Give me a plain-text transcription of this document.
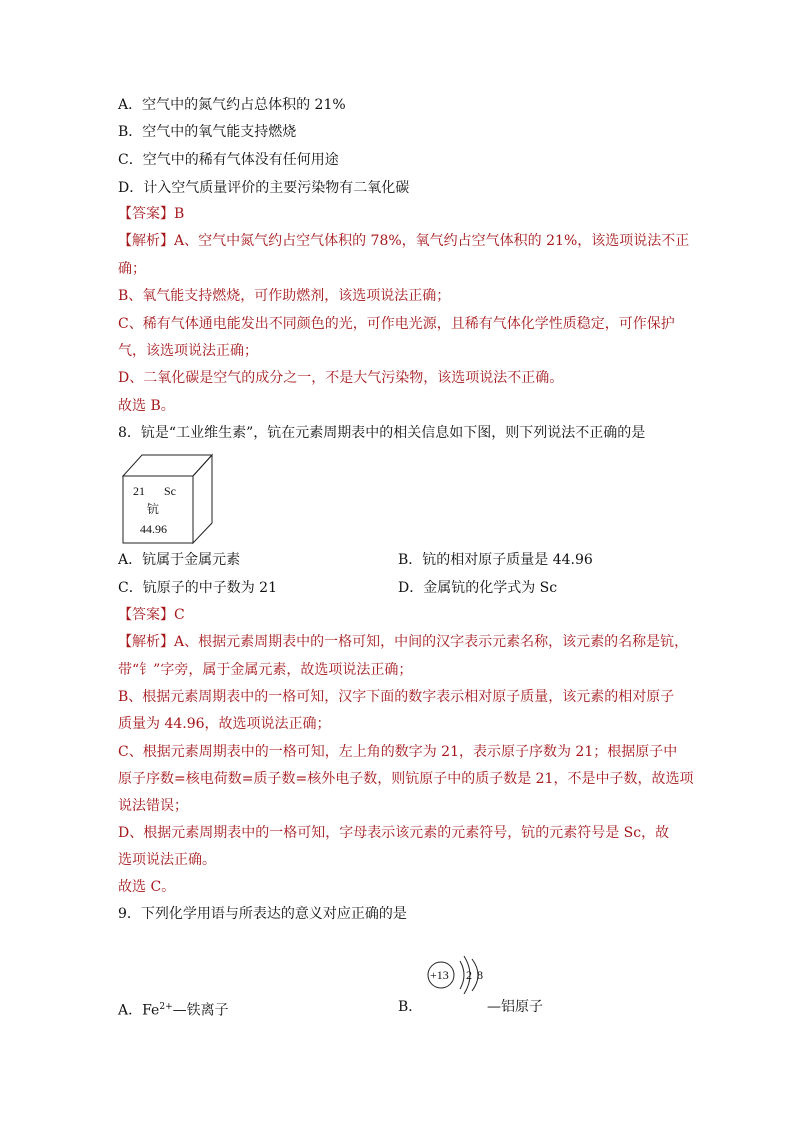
A．空气中的氮气约占总体积的 21%
B．空气中的氧气能支持燃烧
C．空气中的稀有气体没有任何用途
D．计入空气质量评价的主要污染物有二氧化碳
【答案】B
【解析】A、空气中氮气约占空气体积的 78%，氧气约占空气体积的 21%，该选项说法不正
确；
B、氧气能支持燃烧，可作助燃剂，该选项说法正确；
C、稀有气体通电能发出不同颜色的光，可作电光源，且稀有气体化学性质稳定，可作保护
气，该选项说法正确；
D、二氧化碳是空气的成分之一，不是大气污染物，该选项说法不正确。
故选 B。
8．钪是“工业维生素”，钪在元素周期表中的相关信息如下图，则下列说法不正确的是
21 Sc
钪
44.96
A．钪属于金属元素	B．钪的相对原子质量是 44.96
C．钪原子的中子数为 21	D．金属钪的化学式为 Sc
【答案】C
【解析】A、根据元素周期表中的一格可知，中间的汉字表示元素名称，该元素的名称是钪，
带“钅”字旁，属于金属元素，故选项说法正确；
B、根据元素周期表中的一格可知，汉字下面的数字表示相对原子质量，该元素的相对原子
质量为 44.96，故选项说法正确；
C、根据元素周期表中的一格可知，左上角的数字为 21，表示原子序数为 21；根据原子中
原子序数=核电荷数=质子数=核外电子数，则钪原子中的质子数是 21，不是中子数，故选项
说法错误；
D、根据元素周期表中的一格可知，字母表示该元素的元素符号，钪的元素符号是 Sc，故
选项说法正确。
故选 C。
9．下列化学用语与所表达的意义对应正确的是
+13 2 8
A．$Fe^{2+}—$铁离子	B．	—铝原子
